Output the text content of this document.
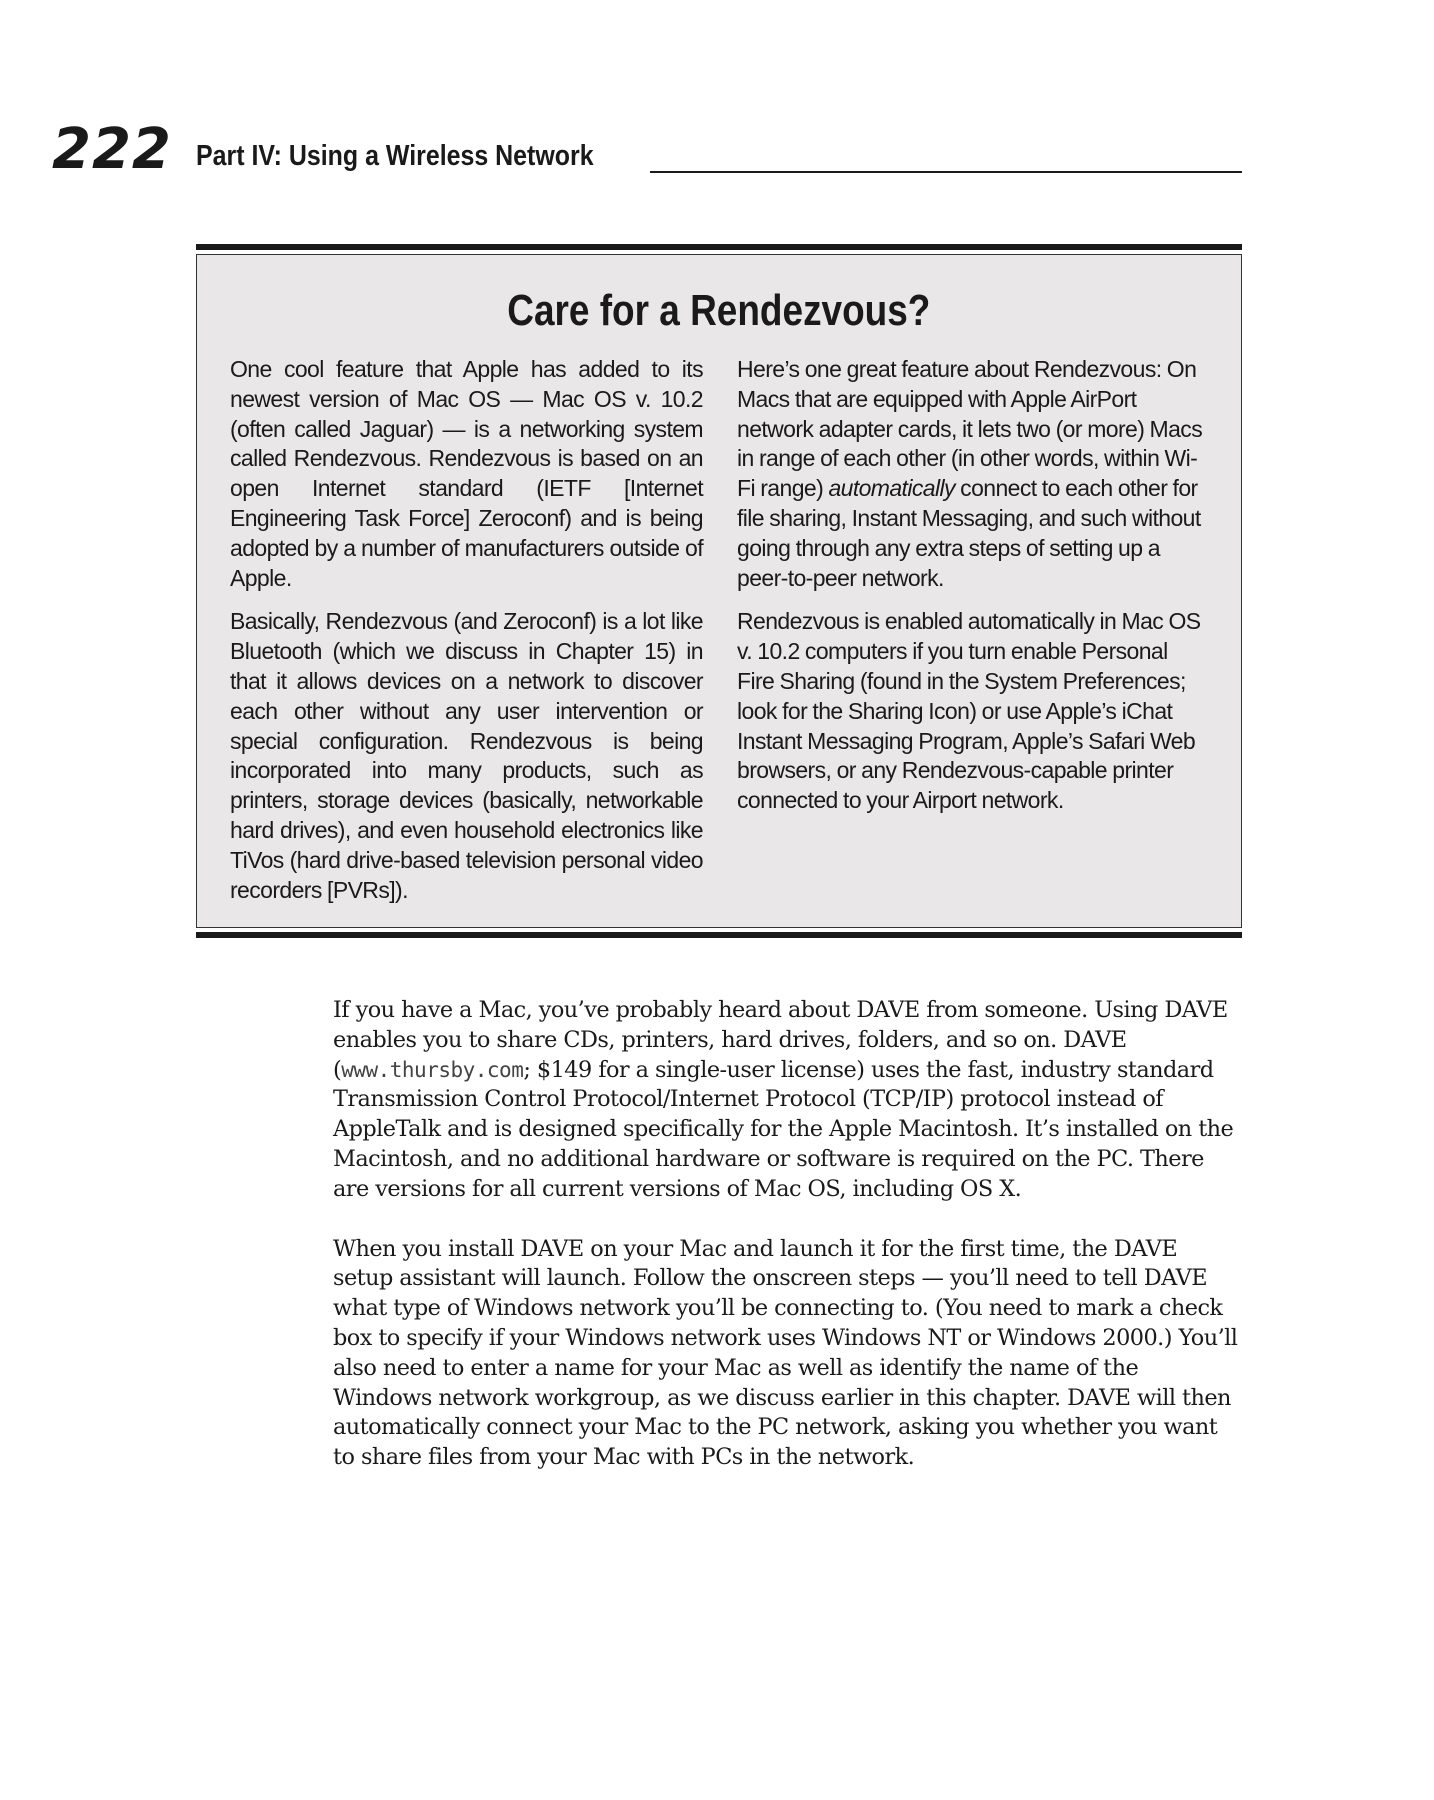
222 Part IV: Using a Wireless Network
Care for a Rendezvous?

One cool feature that Apple has added to its newest version of Mac OS — Mac OS v. 10.2 (often called Jaguar) — is a networking system called Rendezvous. Rendezvous is based on an open Internet standard (IETF [Internet Engineering Task Force] Zeroconf) and is being adopted by a number of manufacturers outside of Apple.

Basically, Rendezvous (and Zeroconf) is a lot like Bluetooth (which we discuss in Chapter 15) in that it allows devices on a network to discover each other without any user intervention or special configuration. Rendezvous is being incorporated into many products, such as printers, storage devices (basically, networkable hard drives), and even household electronics like TiVos (hard drive-based television personal video recorders [PVRs]).

Here’s one great feature about Rendezvous: On Macs that are equipped with Apple AirPort network adapter cards, it lets two (or more) Macs in range of each other (in other words, within Wi-Fi range) automatically connect to each other for file sharing, Instant Messaging, and such without going through any extra steps of setting up a peer-to-peer network.

Rendezvous is enabled automatically in Mac OS v. 10.2 computers if you turn enable Personal Fire Sharing (found in the System Preferences; look for the Sharing Icon) or use Apple’s iChat Instant Messaging Program, Apple’s Safari Web browsers, or any Rendezvous-capable printer connected to your Airport network.

If you have a Mac, you’ve probably heard about DAVE from someone. Using DAVE enables you to share CDs, printers, hard drives, folders, and so on. DAVE (www.thursby.com; $149 for a single-user license) uses the fast, industry standard Transmission Control Protocol/Internet Protocol (TCP/IP) protocol instead of AppleTalk and is designed specifically for the Apple Macintosh. It’s installed on the Macintosh, and no additional hardware or software is required on the PC. There are versions for all current versions of Mac OS, including OS X.

When you install DAVE on your Mac and launch it for the first time, the DAVE setup assistant will launch. Follow the onscreen steps — you’ll need to tell DAVE what type of Windows network you’ll be connecting to. (You need to mark a check box to specify if your Windows network uses Windows NT or Windows 2000.) You’ll also need to enter a name for your Mac as well as identify the name of the Windows network workgroup, as we discuss earlier in this chapter. DAVE will then automatically connect your Mac to the PC network, asking you whether you want to share files from your Mac with PCs in the network.
